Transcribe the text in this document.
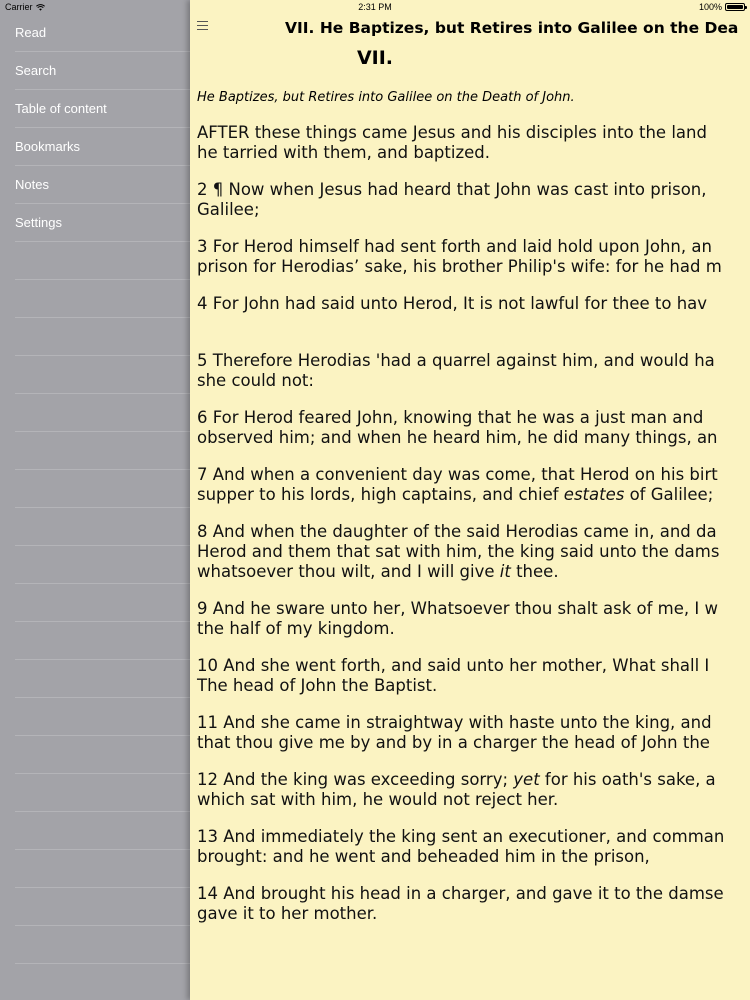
Read
Search
Table of content
Bookmarks
Notes
Settings
VII. He Baptizes, but Retires into Galilee on the Dea
VII.
He Baptizes, but Retires into Galilee on the Death of John.
AFTER these things came Jesus and his disciples into the land
he tarried with them, and baptized.
2 ¶ Now when Jesus had heard that John was cast into prison,
Galilee;
3 For Herod himself had sent forth and laid hold upon John, an
prison for Herodias’ sake, his brother Philip's wife: for he had m
4 For John had said unto Herod, It is not lawful for thee to hav
5 Therefore Herodias 'had a quarrel against him, and would ha
she could not:
6 For Herod feared John, knowing that he was a just man and
observed him; and when he heard him, he did many things, an
7 And when a convenient day was come, that Herod on his birt
supper to his lords, high captains, and chief estates of Galilee;
8 And when the daughter of the said Herodias came in, and da
Herod and them that sat with him, the king said unto the dams
whatsoever thou wilt, and I will give it thee.
9 And he sware unto her, Whatsoever thou shalt ask of me, I w
the half of my kingdom.
10 And she went forth, and said unto her mother, What shall I
The head of John the Baptist.
11 And she came in straightway with haste unto the king, and
that thou give me by and by in a charger the head of John the
12 And the king was exceeding sorry; yet for his oath's sake, a
which sat with him, he would not reject her.
13 And immediately the king sent an executioner, and comman
brought: and he went and beheaded him in the prison,
14 And brought his head in a charger, and gave it to the damse
gave it to her mother.
Carrier	2:31 PM	100%
